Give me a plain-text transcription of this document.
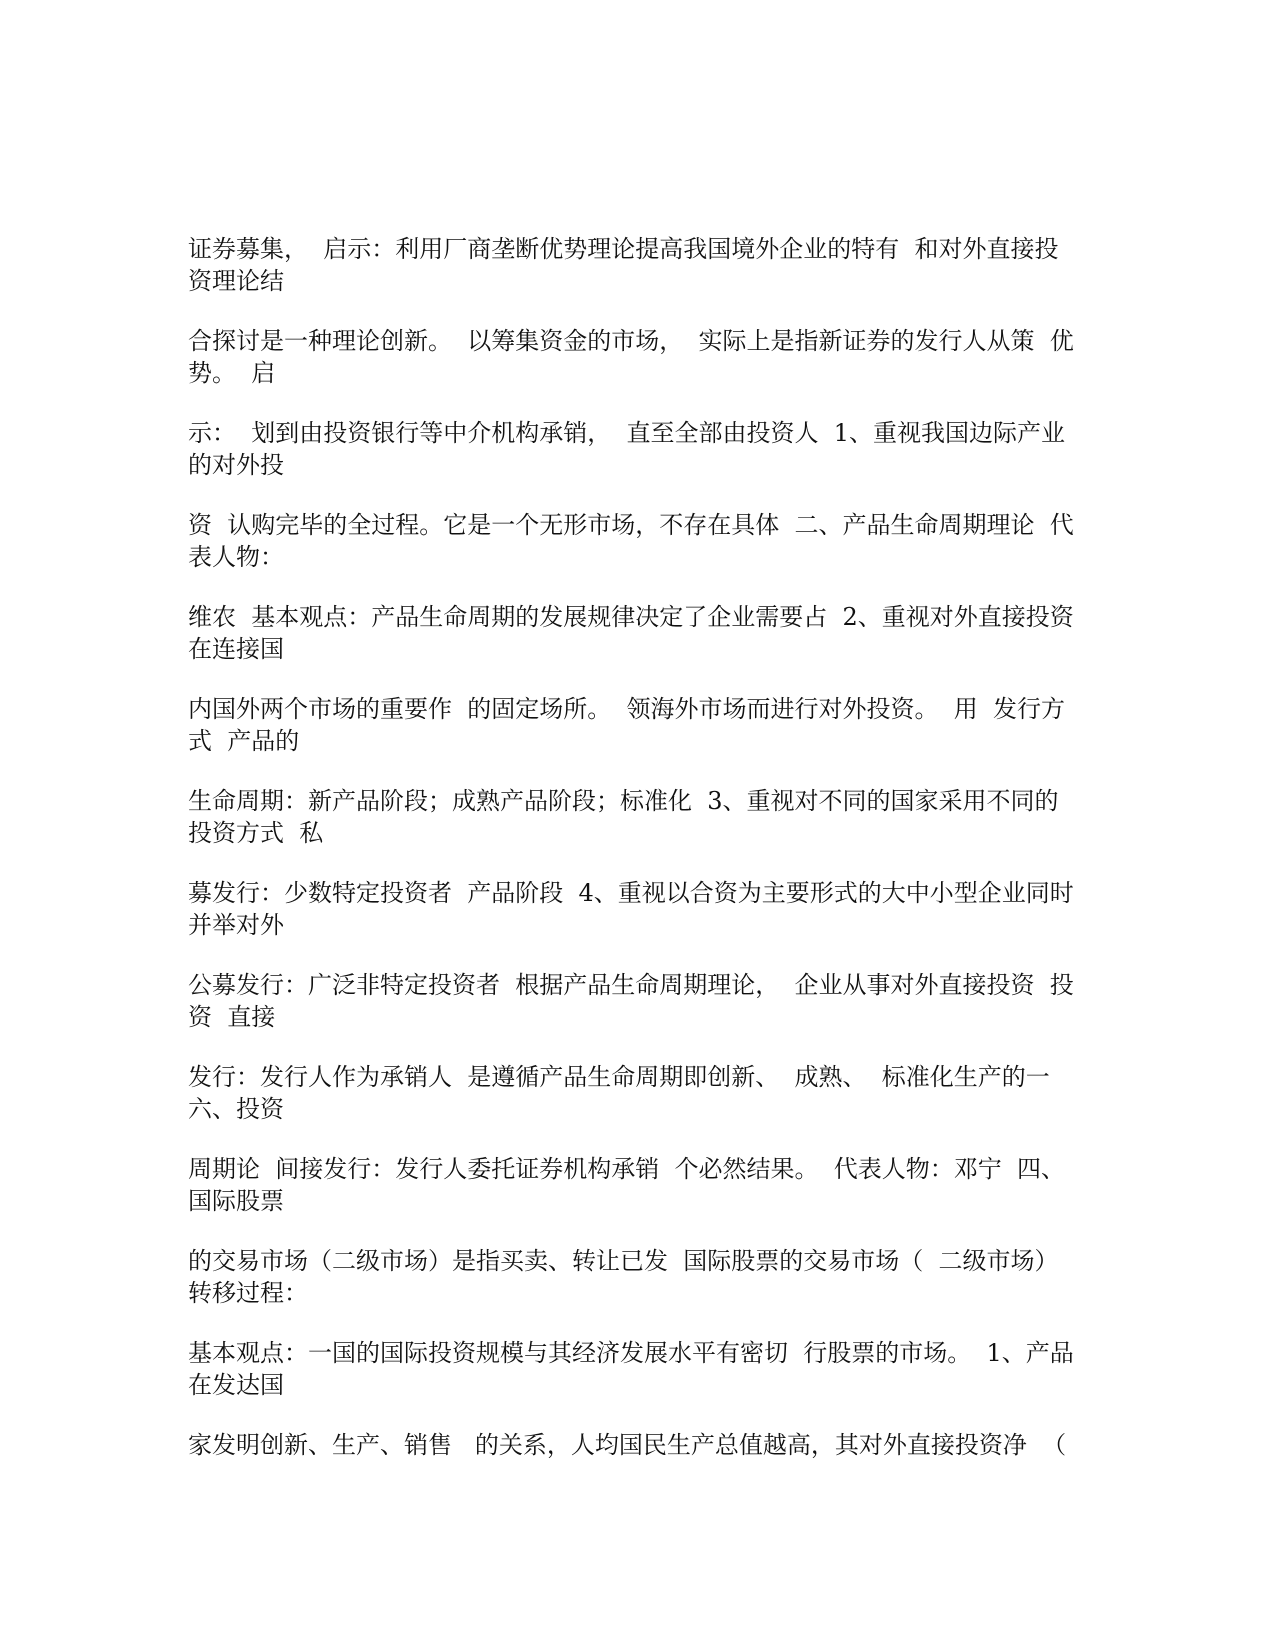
证券募集，  启示：利用厂商垄断优势理论提高我国境外企业的特有  和对外直接投
资理论结

合探讨是一种理论创新。  以筹集资金的市场，  实际上是指新证券的发行人从策  优
势。  启

示：  划到由投资银行等中介机构承销，  直至全部由投资人  1、重视我国边际产业
的对外投

资  认购完毕的全过程。它是一个无形市场，不存在具体  二、产品生命周期理论  代
表人物：

维农  基本观点：产品生命周期的发展规律决定了企业需要占  2、重视对外直接投资
在连接国

内国外两个市场的重要作  的固定场所。  领海外市场而进行对外投资。  用  发行方
式  产品的

生命周期：新产品阶段；成熟产品阶段；标准化  3、重视对不同的国家采用不同的
投资方式  私

募发行：少数特定投资者  产品阶段  4、重视以合资为主要形式的大中小型企业同时
并举对外

公募发行：广泛非特定投资者  根据产品生命周期理论，  企业从事对外直接投资  投
资  直接

发行：发行人作为承销人  是遵循产品生命周期即创新、  成熟、  标准化生产的一
六、投资

周期论  间接发行：发行人委托证券机构承销  个必然结果。  代表人物：邓宁  四、
国际股票

的交易市场（二级市场）是指买卖、转让已发  国际股票的交易市场（  二级市场）
转移过程：

基本观点：一国的国际投资规模与其经济发展水平有密切  行股票的市场。  1、产品
在发达国

家发明创新、生产、销售   的关系，人均国民生产总值越高，其对外直接投资净  （
